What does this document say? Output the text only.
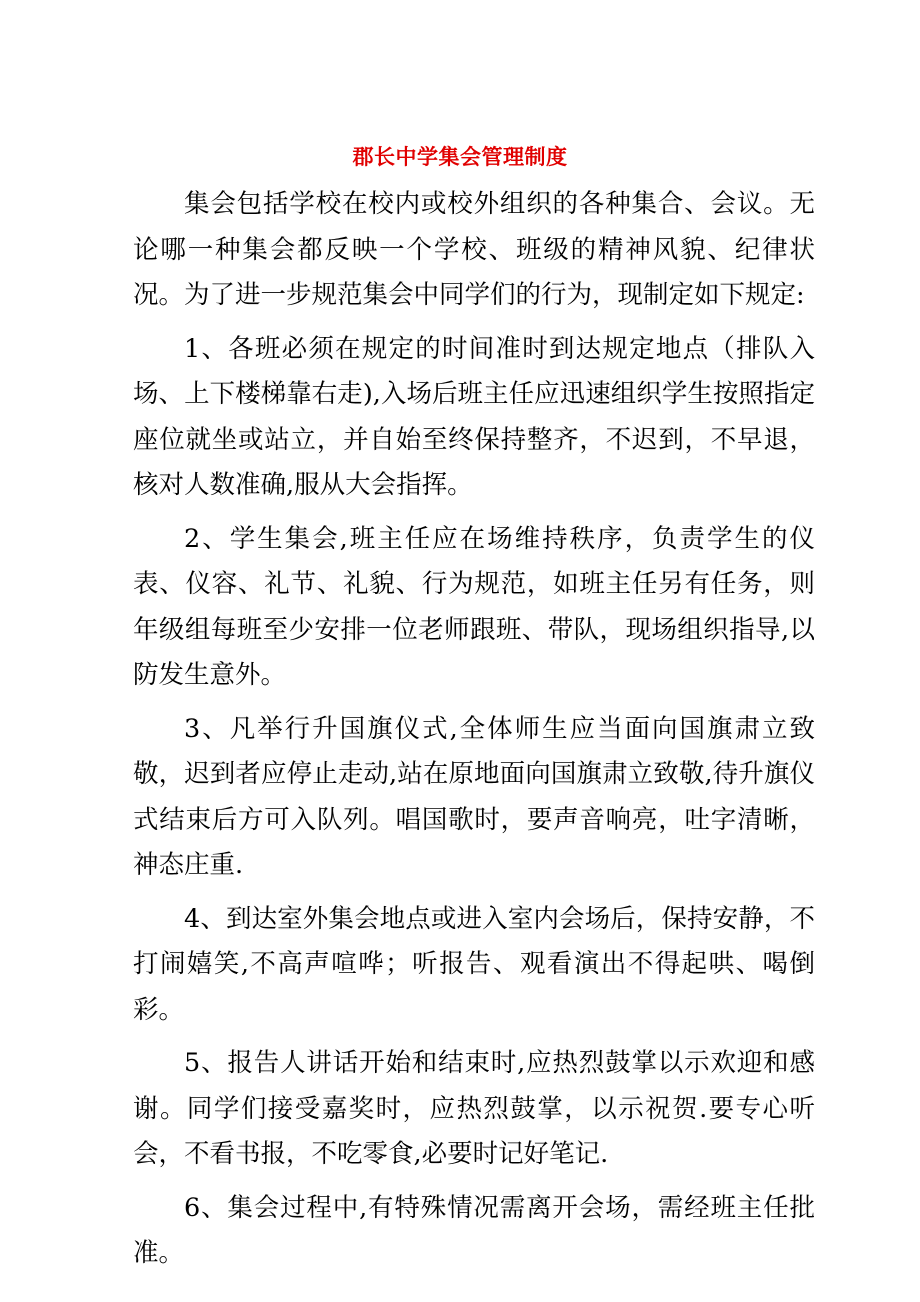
郡长中学集会管理制度

集会包括学校在校内或校外组织的各种集合、会议。无论哪一种集会都反映一个学校、班级的精神风貌、纪律状况。为了进一步规范集会中同学们的行为，现制定如下规定:

1、各班必须在规定的时间准时到达规定地点（排队入场、上下楼梯靠右走),入场后班主任应迅速组织学生按照指定座位就坐或站立，并自始至终保持整齐，不迟到，不早退，核对人数准确,服从大会指挥。

2、学生集会,班主任应在场维持秩序，负责学生的仪表、仪容、礼节、礼貌、行为规范，如班主任另有任务，则年级组每班至少安排一位老师跟班、带队，现场组织指导,以防发生意外。

3、凡举行升国旗仪式,全体师生应当面向国旗肃立致敬，迟到者应停止走动,站在原地面向国旗肃立致敬,待升旗仪式结束后方可入队列。唱国歌时，要声音响亮，吐字清晰，神态庄重.

4、到达室外集会地点或进入室内会场后，保持安静，不打闹嬉笑,不高声喧哗；听报告、观看演出不得起哄、喝倒彩。

5、报告人讲话开始和结束时,应热烈鼓掌以示欢迎和感谢。同学们接受嘉奖时，应热烈鼓掌，以示祝贺.要专心听会，不看书报，不吃零食,必要时记好笔记.

6、集会过程中,有特殊情况需离开会场，需经班主任批准。
